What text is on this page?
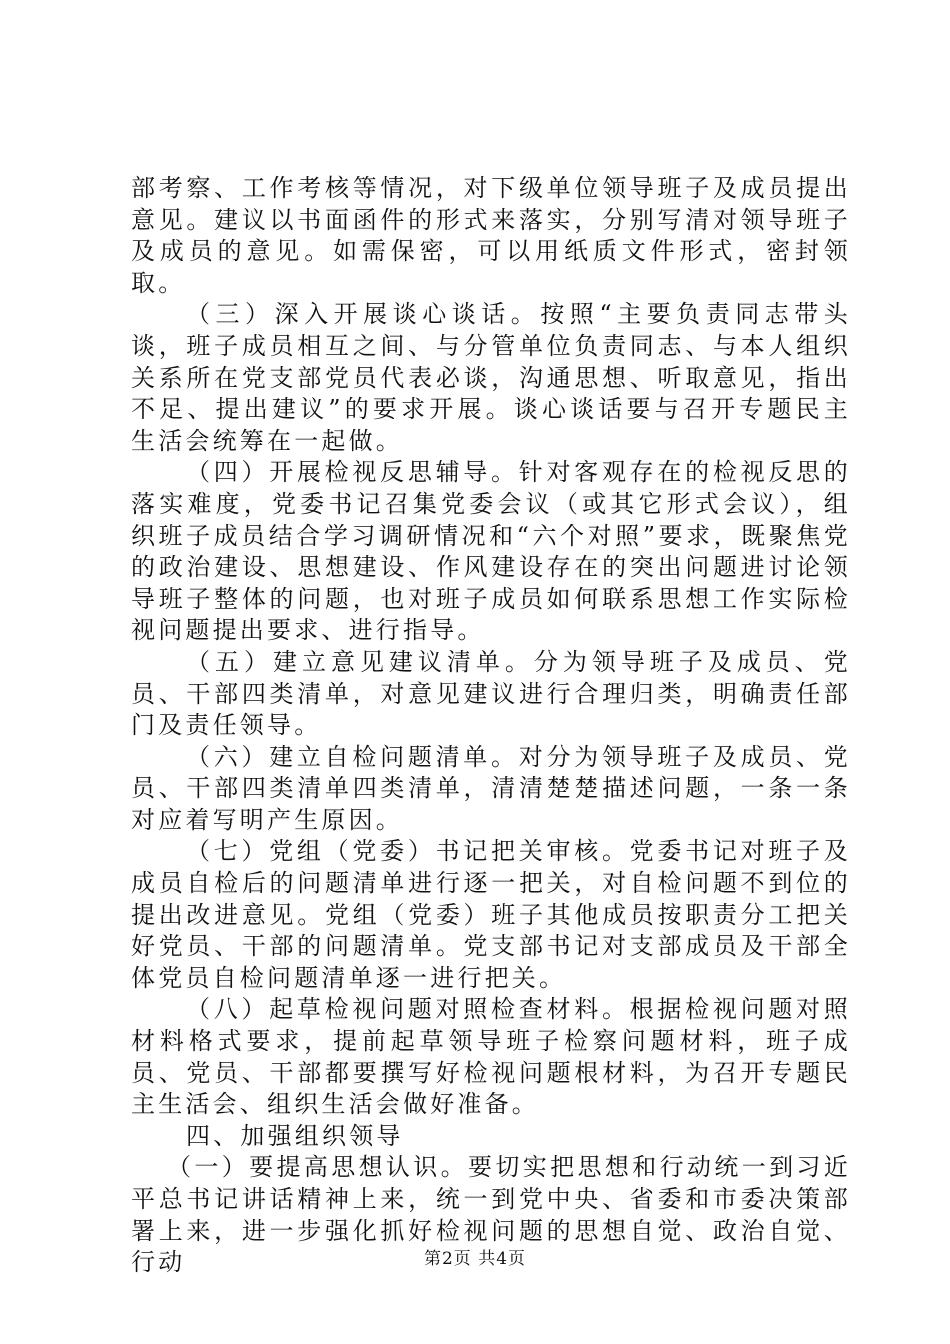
部考察、工作考核等情况，对下级单位领导班子及成员提出意见。建议以书面函件的形式来落实，分别写清对领导班子及成员的意见。如需保密，可以用纸质文件形式，密封领取。

（三）深入开展谈心谈话。按照“主要负责同志带头谈，班子成员相互之间、与分管单位负责同志、与本人组织关系所在党支部党员代表必谈，沟通思想、听取意见，指出不足、提出建议”的要求开展。谈心谈话要与召开专题民主生活会统筹在一起做。

（四）开展检视反思辅导。针对客观存在的检视反思的落实难度，党委书记召集党委会议（或其它形式会议），组织班子成员结合学习调研情况和“六个对照”要求，既聚焦党的政治建设、思想建设、作风建设存在的突出问题进讨论领导班子整体的问题，也对班子成员如何联系思想工作实际检视问题提出要求、进行指导。

（五）建立意见建议清单。分为领导班子及成员、党员、干部四类清单，对意见建议进行合理归类，明确责任部门及责任领导。

（六）建立自检问题清单。对分为领导班子及成员、党员、干部四类清单四类清单，清清楚楚描述问题，一条一条对应着写明产生原因。

（七）党组（党委）书记把关审核。党委书记对班子及成员自检后的问题清单进行逐一把关，对自检问题不到位的提出改进意见。党组（党委）班子其他成员按职责分工把关好党员、干部的问题清单。党支部书记对支部成员及干部全体党员自检问题清单逐一进行把关。

（八）起草检视问题对照检查材料。根据检视问题对照材料格式要求，提前起草领导班子检察问题材料，班子成员、党员、干部都要撰写好检视问题根材料，为召开专题民主生活会、组织生活会做好准备。

四、加强组织领导

（一）要提高思想认识。要切实把思想和行动统一到习近平总书记讲话精神上来，统一到党中央、省委和市委决策部署上来，进一步强化抓好检视问题的思想自觉、政治自觉、行动	第2页 共4页
